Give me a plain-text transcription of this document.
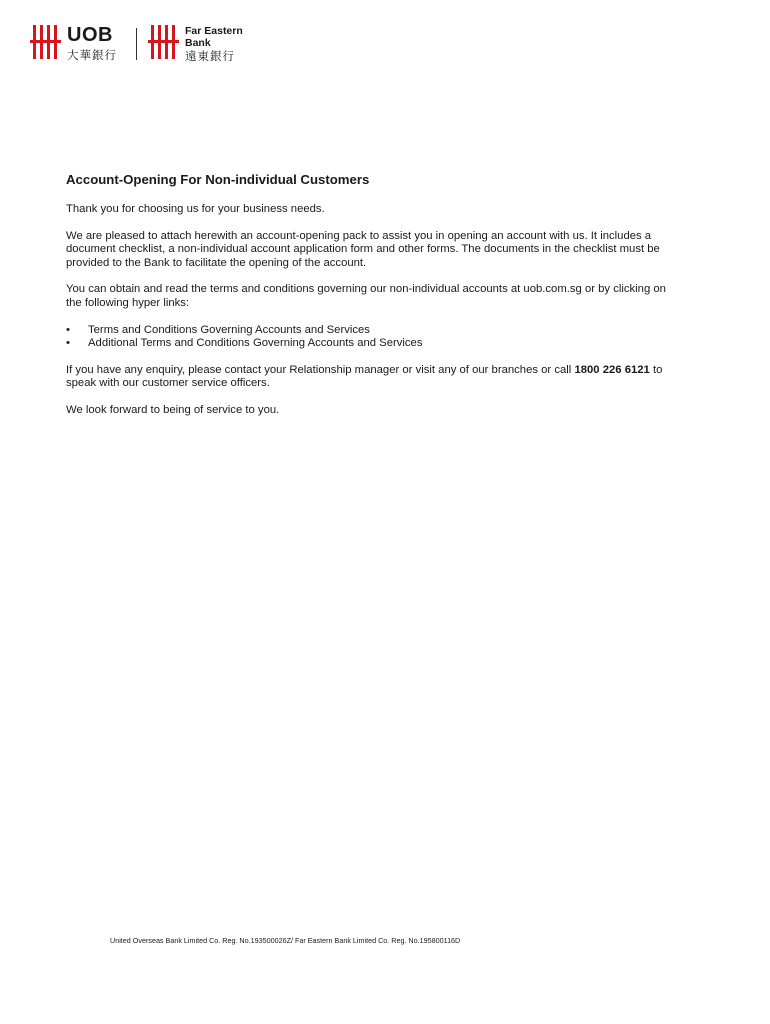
UOB
大華銀行
Far Eastern
Bank
遠東銀行
Account-Opening For Non-individual Customers

Thank you for choosing us for your business needs.

We are pleased to attach herewith an account-opening pack to assist you in opening an account with us. It includes a document checklist, a non-individual account application form and other forms. The documents in the checklist must be provided to the Bank to facilitate the opening of the account.

You can obtain and read the terms and conditions governing our non-individual accounts at uob.com.sg or by clicking on the following hyper links:

• Terms and Conditions Governing Accounts and Services
• Additional Terms and Conditions Governing Accounts and Services

If you have any enquiry, please contact your Relationship manager or visit any of our branches or call 1800 226 6121 to speak with our customer service officers.

We look forward to being of service to you.

United Overseas Bank Limited Co. Reg. No.193500026Z/ Far Eastern Bank Limited Co. Reg. No.195800116D
